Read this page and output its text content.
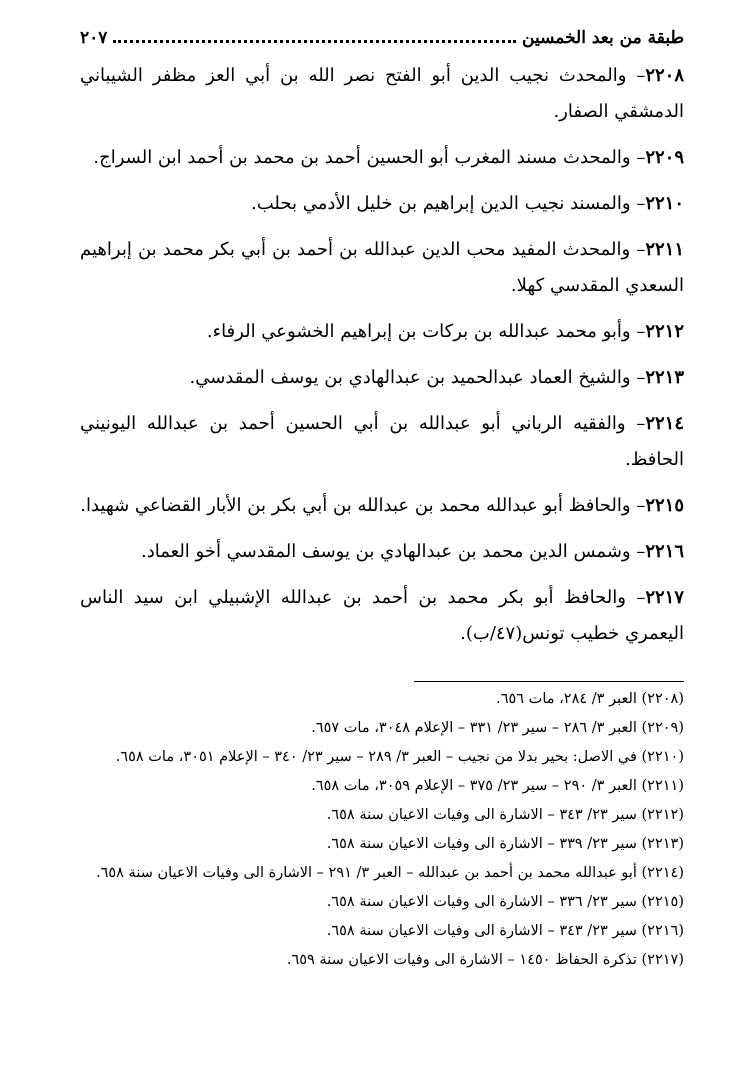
طبقة من بعد الخمسين
٢٠٧

٢٢٠٨– والمحدث نجيب الدين أبو الفتح نصر الله بن أبي العز مظفر الشيباني الدمشقي الصفار.

٢٢٠٩– والمحدث مسند المغرب أبو الحسين أحمد بن محمد بن أحمد ابن السراج.

٢٢١٠– والمسند نجيب الدين إبراهيم بن خليل الأدمي بحلب.

٢٢١١– والمحدث المفيد محب الدين عبدالله بن أحمد بن أبي بكر محمد بن إبراهيم السعدي المقدسي كهلا.

٢٢١٢– وأبو محمد عبدالله بن بركات بن إبراهيم الخشوعي الرفاء.

٢٢١٣– والشيخ العماد عبدالحميد بن عبدالهادي بن يوسف المقدسي.

٢٢١٤– والفقيه الرباني أبو عبدالله بن أبي الحسين أحمد بن عبدالله اليونيني الحافظ.

٢٢١٥– والحافظ أبو عبدالله محمد بن عبدالله بن أبي بكر بن الأبار القضاعي شهيدا.

٢٢١٦– وشمس الدين محمد بن عبدالهادي بن يوسف المقدسي أخو العماد.

٢٢١٧– والحافظ أبو بكر محمد بن أحمد بن عبدالله الإشبيلي ابن سيد الناس اليعمري خطيب تونس(٤٧/ب).

(٢٢٠٨) العبر ٣/ ٢٨٤، مات ٦٥٦.

(٢٢٠٩) العبر ٣/ ٢٨٦ – سير ٢٣/ ٣٣١ – الإعلام ٣٠٤٨، مات ٦٥٧.

(٢٢١٠) في الاصل: بحير بدلا من نجيب – العبر ٣/ ٢٨٩ – سير ٢٣/ ٣٤٠ – الإعلام ٣٠٥١، مات ٦٥٨.

(٢٢١١) العبر ٣/ ٢٩٠ – سير ٢٣/ ٣٧٥ – الإعلام ٣٠٥٩، مات ٦٥٨.

(٢٢١٢) سير ٢٣/ ٣٤٣ – الاشارة الى وفيات الاعيان سنة ٦٥٨.

(٢٢١٣) سير ٢٣/ ٣٣٩ – الاشارة الى وفيات الاعيان سنة ٦٥٨.

(٢٢١٤) أبو عبدالله محمد بن أحمد بن عبدالله – العبر ٣/ ٢٩١ – الاشارة الى وفيات الاعيان سنة ٦٥٨.

(٢٢١٥) سير ٢٣/ ٣٣٦ – الاشارة الى وفيات الاعيان سنة ٦٥٨.

(٢٢١٦) سير ٢٣/ ٣٤٣ – الاشارة الى وفيات الاعيان سنة ٦٥٨.

(٢٢١٧) تذكرة الحفاظ ١٤٥٠ – الاشارة الى وفيات الاعيان سنة ٦٥٩.
